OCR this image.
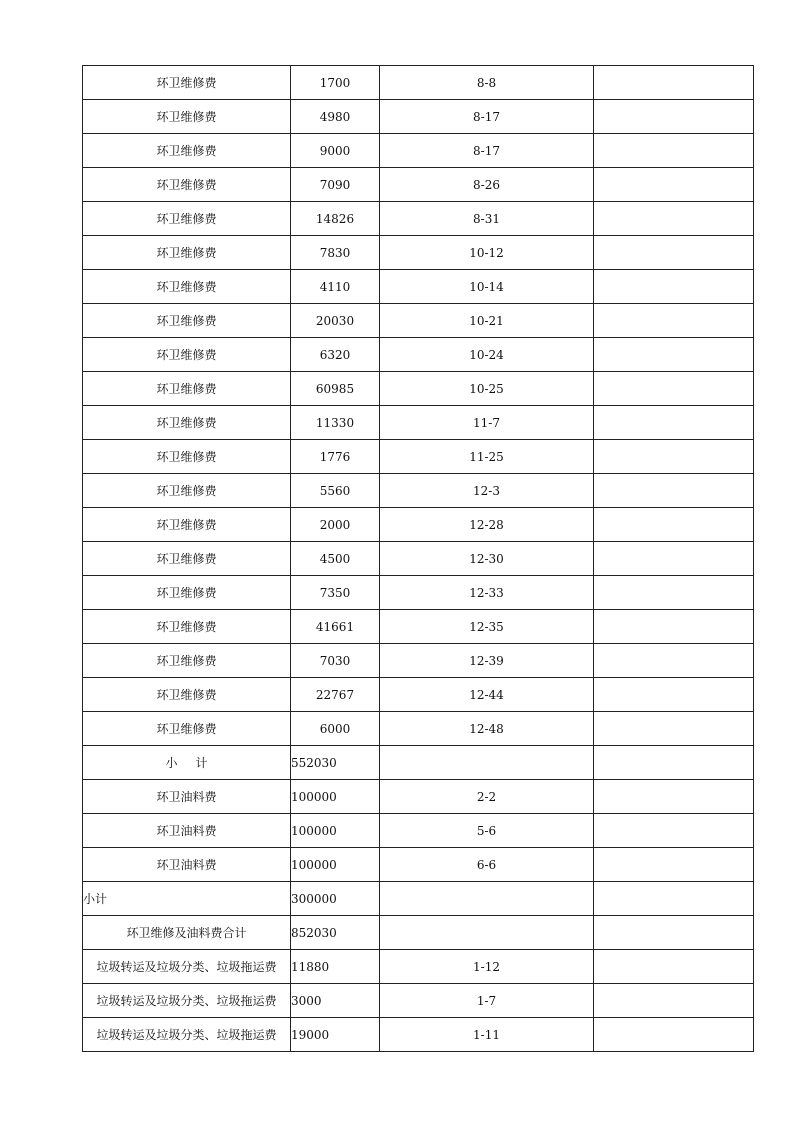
环卫维修费	1700	8-8	
环卫维修费	4980	8-17	
环卫维修费	9000	8-17	
环卫维修费	7090	8-26	
环卫维修费	14826	8-31	
环卫维修费	7830	10-12	
环卫维修费	4110	10-14	
环卫维修费	20030	10-21	
环卫维修费	6320	10-24	
环卫维修费	60985	10-25	
环卫维修费	11330	11-7	
环卫维修费	1776	11-25	
环卫维修费	5560	12-3	
环卫维修费	2000	12-28	
环卫维修费	4500	12-30	
环卫维修费	7350	12-33	
环卫维修费	41661	12-35	
环卫维修费	7030	12-39	
环卫维修费	22767	12-44	
环卫维修费	6000	12-48	
小计	552030		
环卫油料费	100000	2-2	
环卫油料费	100000	5-6	
环卫油料费	100000	6-6	
小计	300000		
环卫维修及油料费合计	852030		
垃圾转运及垃圾分类、垃圾拖运费	11880	1-12	
垃圾转运及垃圾分类、垃圾拖运费	3000	1-7	
垃圾转运及垃圾分类、垃圾拖运费	19000	1-11	
